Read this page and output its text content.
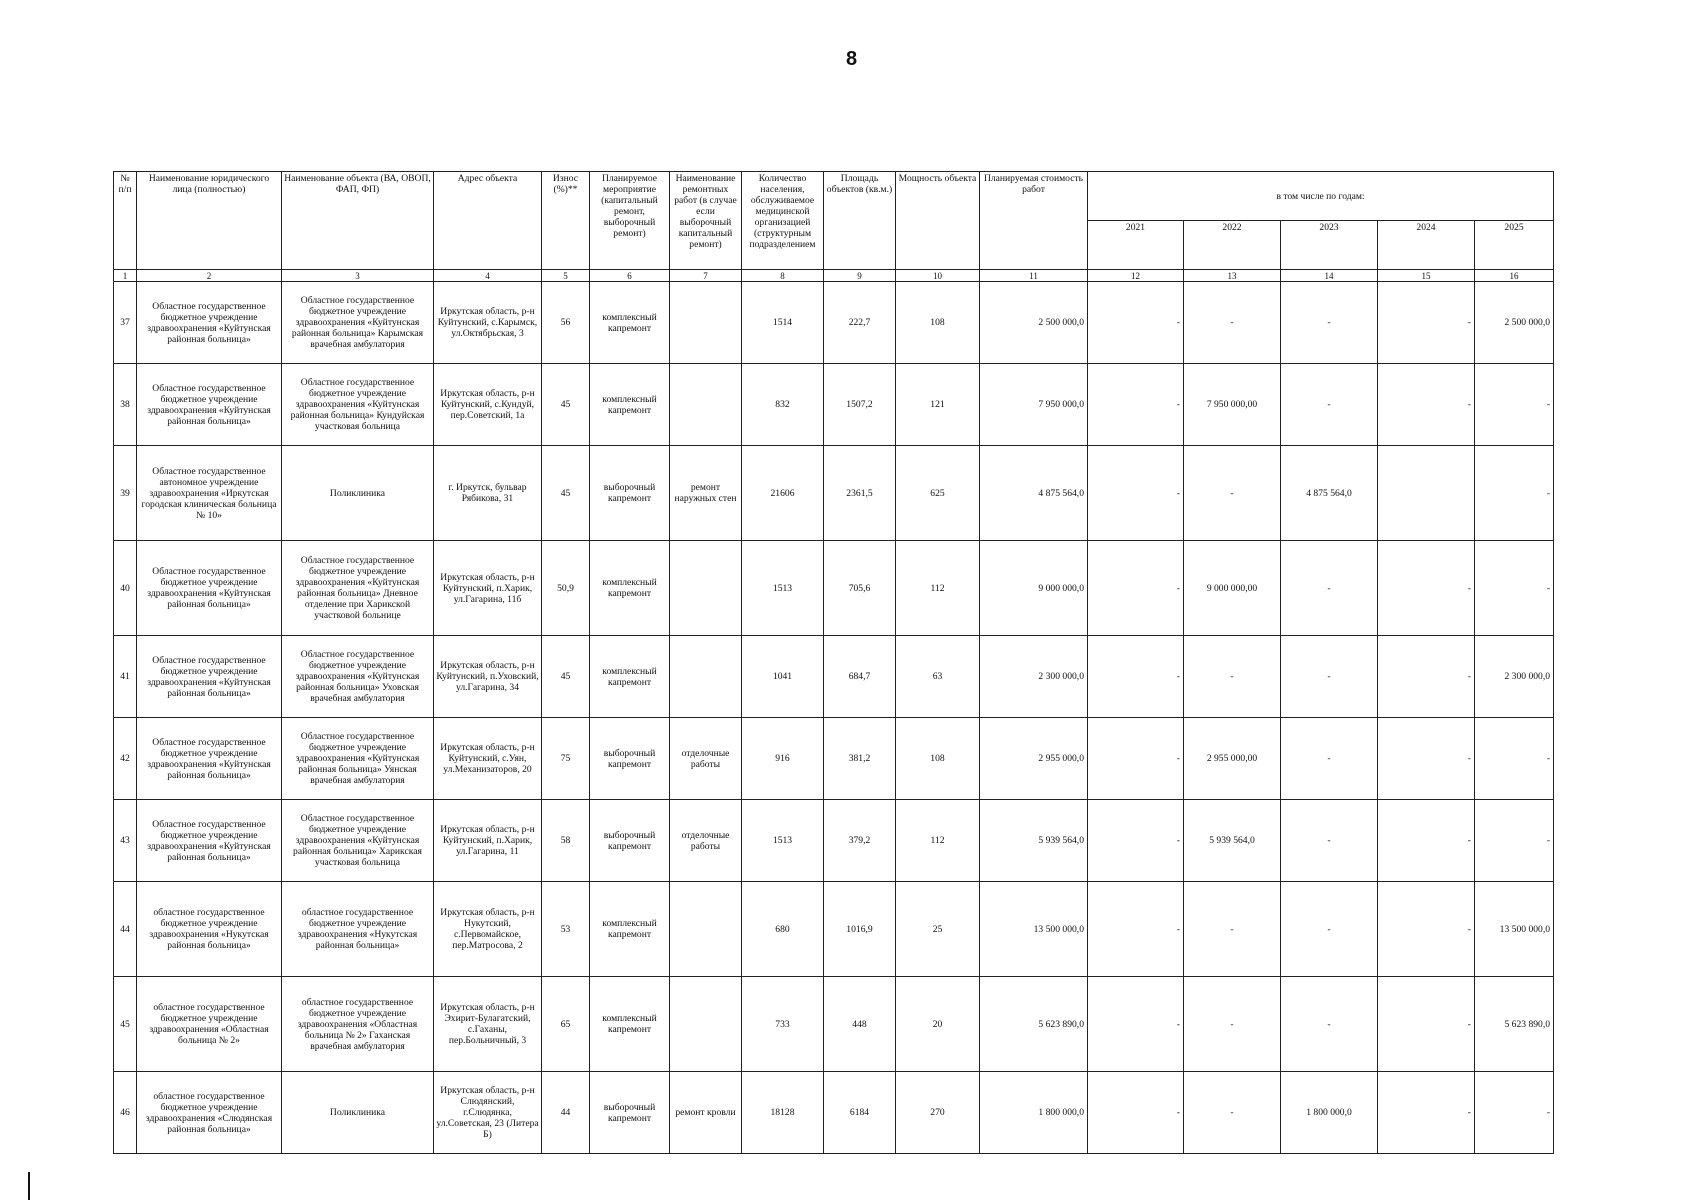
8
№ п/п	Наименование юридического лица (полностью)	Наименование объекта (ВА, ОВОП, ФАП, ФП)	Адрес объекта	Износ (%)**	Планируемое мероприятие (капитальный ремонт, выборочный ремонт)	Наименование ремонтных работ (в случае если выборочный капитальный ремонт)	Количество населения, обслуживаемое медицинской организацией (структурным подразделением	Площадь объектов (кв.м.)	Мощность объекта	Планируемая стоимость работ	в том числе по годам:				
											2021	2022	2023	2024	2025
1	2	3	4	5	6	7	8	9	10	11	12	13	14	15	16
37	Областное государственное бюджетное учреждение здравоохранения «Куйтунская районная больница»	Областное государственное бюджетное учреждение здравоохранения «Куйтунская районная больница» Карымская врачебная амбулатория	Иркутская область, р-н Куйтунский, с.Карымск, ул.Октябрьская, 3	56	комплексный капремонт		1514	222,7	108	2 500 000,0	-	-	-	-	2 500 000,0
38	Областное государственное бюджетное учреждение здравоохранения «Куйтунская районная больница»	Областное государственное бюджетное учреждение здравоохранения «Куйтунская районная больница» Кундуйская участковая больница	Иркутская область, р-н Куйтунский, с.Кундуй, пер.Советский, 1а	45	комплексный капремонт		832	1507,2	121	7 950 000,0	-	7 950 000,00	-	-	-
39	Областное государственное автономное учреждение здравоохранения «Иркутская городская клиническая больница № 10»	Поликлиника	г. Иркутск, бульвар Рябикова, 31	45	выборочный капремонт	ремонт наружных стен	21606	2361,5	625	4 875 564,0	-	-	4 875 564,0		-
40	Областное государственное бюджетное учреждение здравоохранения «Куйтунская районная больница»	Областное государственное бюджетное учреждение здравоохранения «Куйтунская районная больница» Дневное отделение при Харикской участковой больнице	Иркутская область, р-н Куйтунский, п.Харик, ул.Гагарина, 11б	50,9	комплексный капремонт		1513	705,6	112	9 000 000,0	-	9 000 000,00	-	-	-
41	Областное государственное бюджетное учреждение здравоохранения «Куйтунская районная больница»	Областное государственное бюджетное учреждение здравоохранения «Куйтунская районная больница» Уховская врачебная амбулатория	Иркутская область, р-н Куйтунский, п.Уховский, ул.Гагарина, 34	45	комплексный капремонт		1041	684,7	63	2 300 000,0	-	-	-	-	2 300 000,0
42	Областное государственное бюджетное учреждение здравоохранения «Куйтунская районная больница»	Областное государственное бюджетное учреждение здравоохранения «Куйтунская районная больница» Уянская врачебная амбулатория	Иркутская область, р-н Куйтунский, с.Уян, ул.Механизаторов, 20	75	выборочный капремонт	отделочные работы	916	381,2	108	2 955 000,0	-	2 955 000,00	-	-	-
43	Областное государственное бюджетное учреждение здравоохранения «Куйтунская районная больница»	Областное государственное бюджетное учреждение здравоохранения «Куйтунская районная больница» Харикская участковая больница	Иркутская область, р-н Куйтунский, п.Харик, ул.Гагарина, 11	58	выборочный капремонт	отделочные работы	1513	379,2	112	5 939 564,0	-	5 939 564,0	-	-	-
44	областное государственное бюджетное учреждение здравоохранения «Нукутская районная больница»	областное государственное бюджетное учреждение здравоохранения «Нукутская районная больница»	Иркутская область, р-н Нукутский, с.Первомайское, пер.Матросова, 2	53	комплексный капремонт		680	1016,9	25	13 500 000,0	-	-	-	-	13 500 000,0
45	областное государственное бюджетное учреждение здравоохранения «Областная больница № 2»	областное государственное бюджетное учреждение здравоохранения «Областная больница № 2» Гаханская врачебная амбулатория	Иркутская область, р-н Эхирит-Булагатский, с.Гаханы, пер.Больничный, 3	65	комплексный капремонт		733	448	20	5 623 890,0	-	-	-	-	5 623 890,0
46	областное государственное бюджетное учреждение здравоохранения «Слюдянская районная больница»	Поликлиника	Иркутская область, р-н Слюдянский, г.Слюдянка, ул.Советская, 23 (Литера Б)	44	выборочный капремонт	ремонт кровли	18128	6184	270	1 800 000,0	-	-	1 800 000,0	-	-
